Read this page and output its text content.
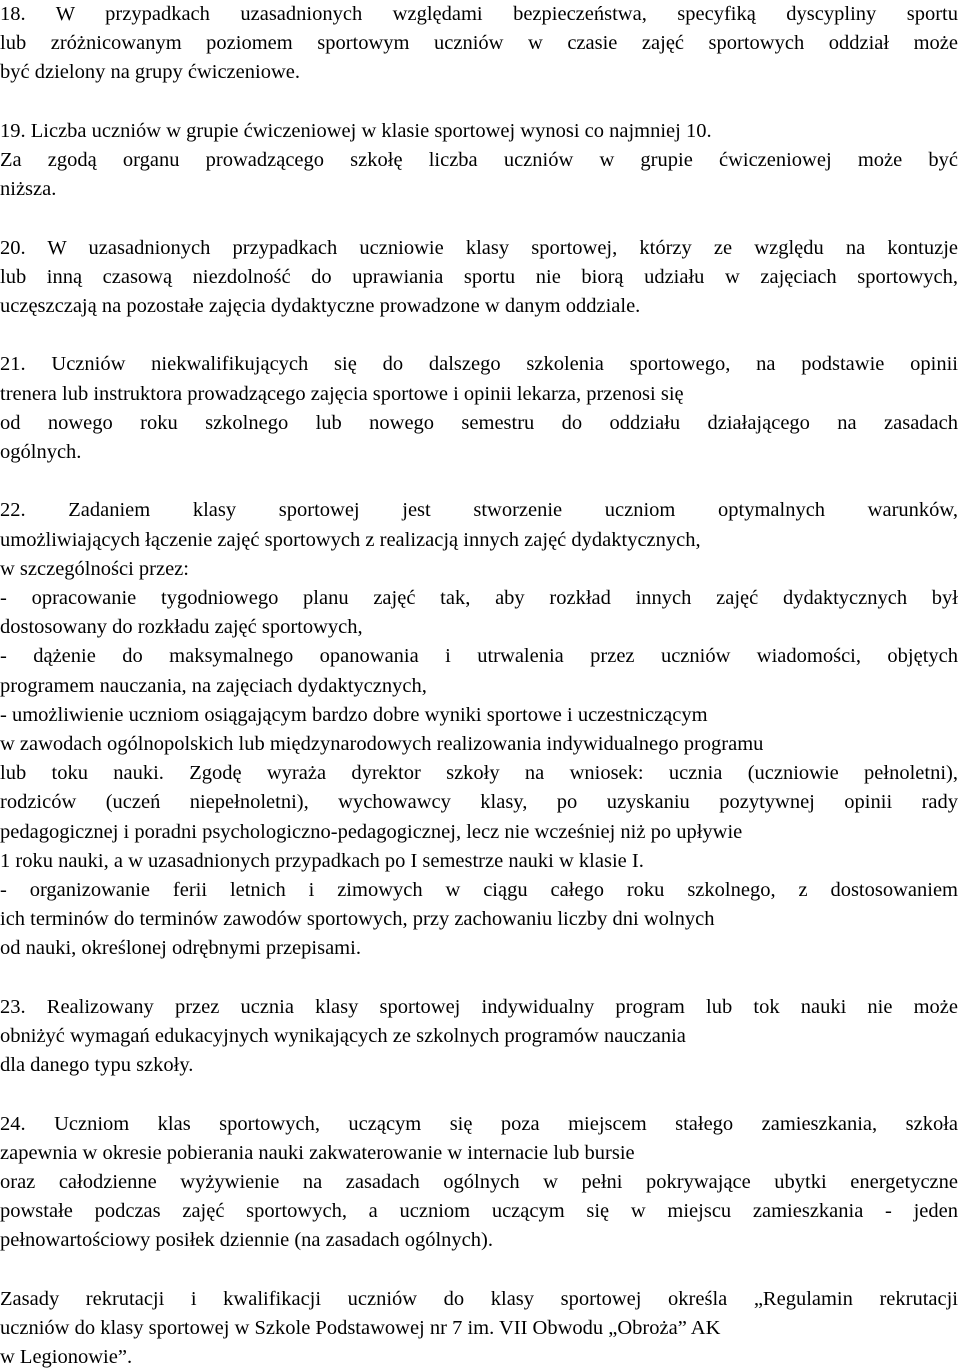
18. W przypadkach uzasadnionych względami bezpieczeństwa, specyfiką dyscypliny sportu
lub zróżnicowanym poziomem sportowym uczniów w czasie zajęć sportowych oddział może
być dzielony na grupy ćwiczeniowe.
19. Liczba uczniów w grupie ćwiczeniowej w klasie sportowej wynosi co najmniej 10.
Za zgodą organu prowadzącego szkołę liczba uczniów w grupie ćwiczeniowej może być
niższa.
20. W uzasadnionych przypadkach uczniowie klasy sportowej, którzy ze względu na kontuzje
lub inną czasową niezdolność do uprawiania sportu nie biorą udziału w zajęciach sportowych,
uczęszczają na pozostałe zajęcia dydaktyczne prowadzone w danym oddziale.
21. Uczniów niekwalifikujących się do dalszego szkolenia sportowego, na podstawie opinii
trenera lub instruktora prowadzącego zajęcia sportowe i opinii lekarza, przenosi się
od nowego roku szkolnego lub nowego semestru do oddziału działającego na zasadach
ogólnych.
22. Zadaniem klasy sportowej jest stworzenie uczniom optymalnych warunków,
umożliwiających łączenie zajęć sportowych z realizacją innych zajęć dydaktycznych,
w szczególności przez:
- opracowanie tygodniowego planu zajęć tak, aby rozkład innych zajęć dydaktycznych był
dostosowany do rozkładu zajęć sportowych,
- dążenie do maksymalnego opanowania i utrwalenia przez uczniów wiadomości, objętych
programem nauczania, na zajęciach dydaktycznych,
- umożliwienie uczniom osiągającym bardzo dobre wyniki sportowe i uczestniczącym
w zawodach ogólnopolskich lub międzynarodowych realizowania indywidualnego programu
lub toku nauki. Zgodę wyraża dyrektor szkoły na wniosek: ucznia (uczniowie pełnoletni),
rodziców (uczeń niepełnoletni), wychowawcy klasy, po uzyskaniu pozytywnej opinii rady
pedagogicznej i poradni psychologiczno-pedagogicznej, lecz nie wcześniej niż po upływie
1 roku nauki, a w uzasadnionych przypadkach po I semestrze nauki w klasie I.
- organizowanie ferii letnich i zimowych w ciągu całego roku szkolnego, z dostosowaniem
ich terminów do terminów zawodów sportowych, przy zachowaniu liczby dni wolnych
od nauki, określonej odrębnymi przepisami.
23. Realizowany przez ucznia klasy sportowej indywidualny program lub tok nauki nie może
obniżyć wymagań edukacyjnych wynikających ze szkolnych programów nauczania
dla danego typu szkoły.
24. Uczniom klas sportowych, uczącym się poza miejscem stałego zamieszkania, szkoła
zapewnia w okresie pobierania nauki zakwaterowanie w internacie lub bursie
oraz całodzienne wyżywienie na zasadach ogólnych w pełni pokrywające ubytki energetyczne
powstałe podczas zajęć sportowych, a uczniom uczącym się w miejscu zamieszkania - jeden
pełnowartościowy posiłek dziennie (na zasadach ogólnych).
Zasady rekrutacji i kwalifikacji uczniów do klasy sportowej określa „Regulamin rekrutacji
uczniów do klasy sportowej w Szkole Podstawowej nr 7 im. VII Obwodu „Obroża” AK
w Legionowie”.
